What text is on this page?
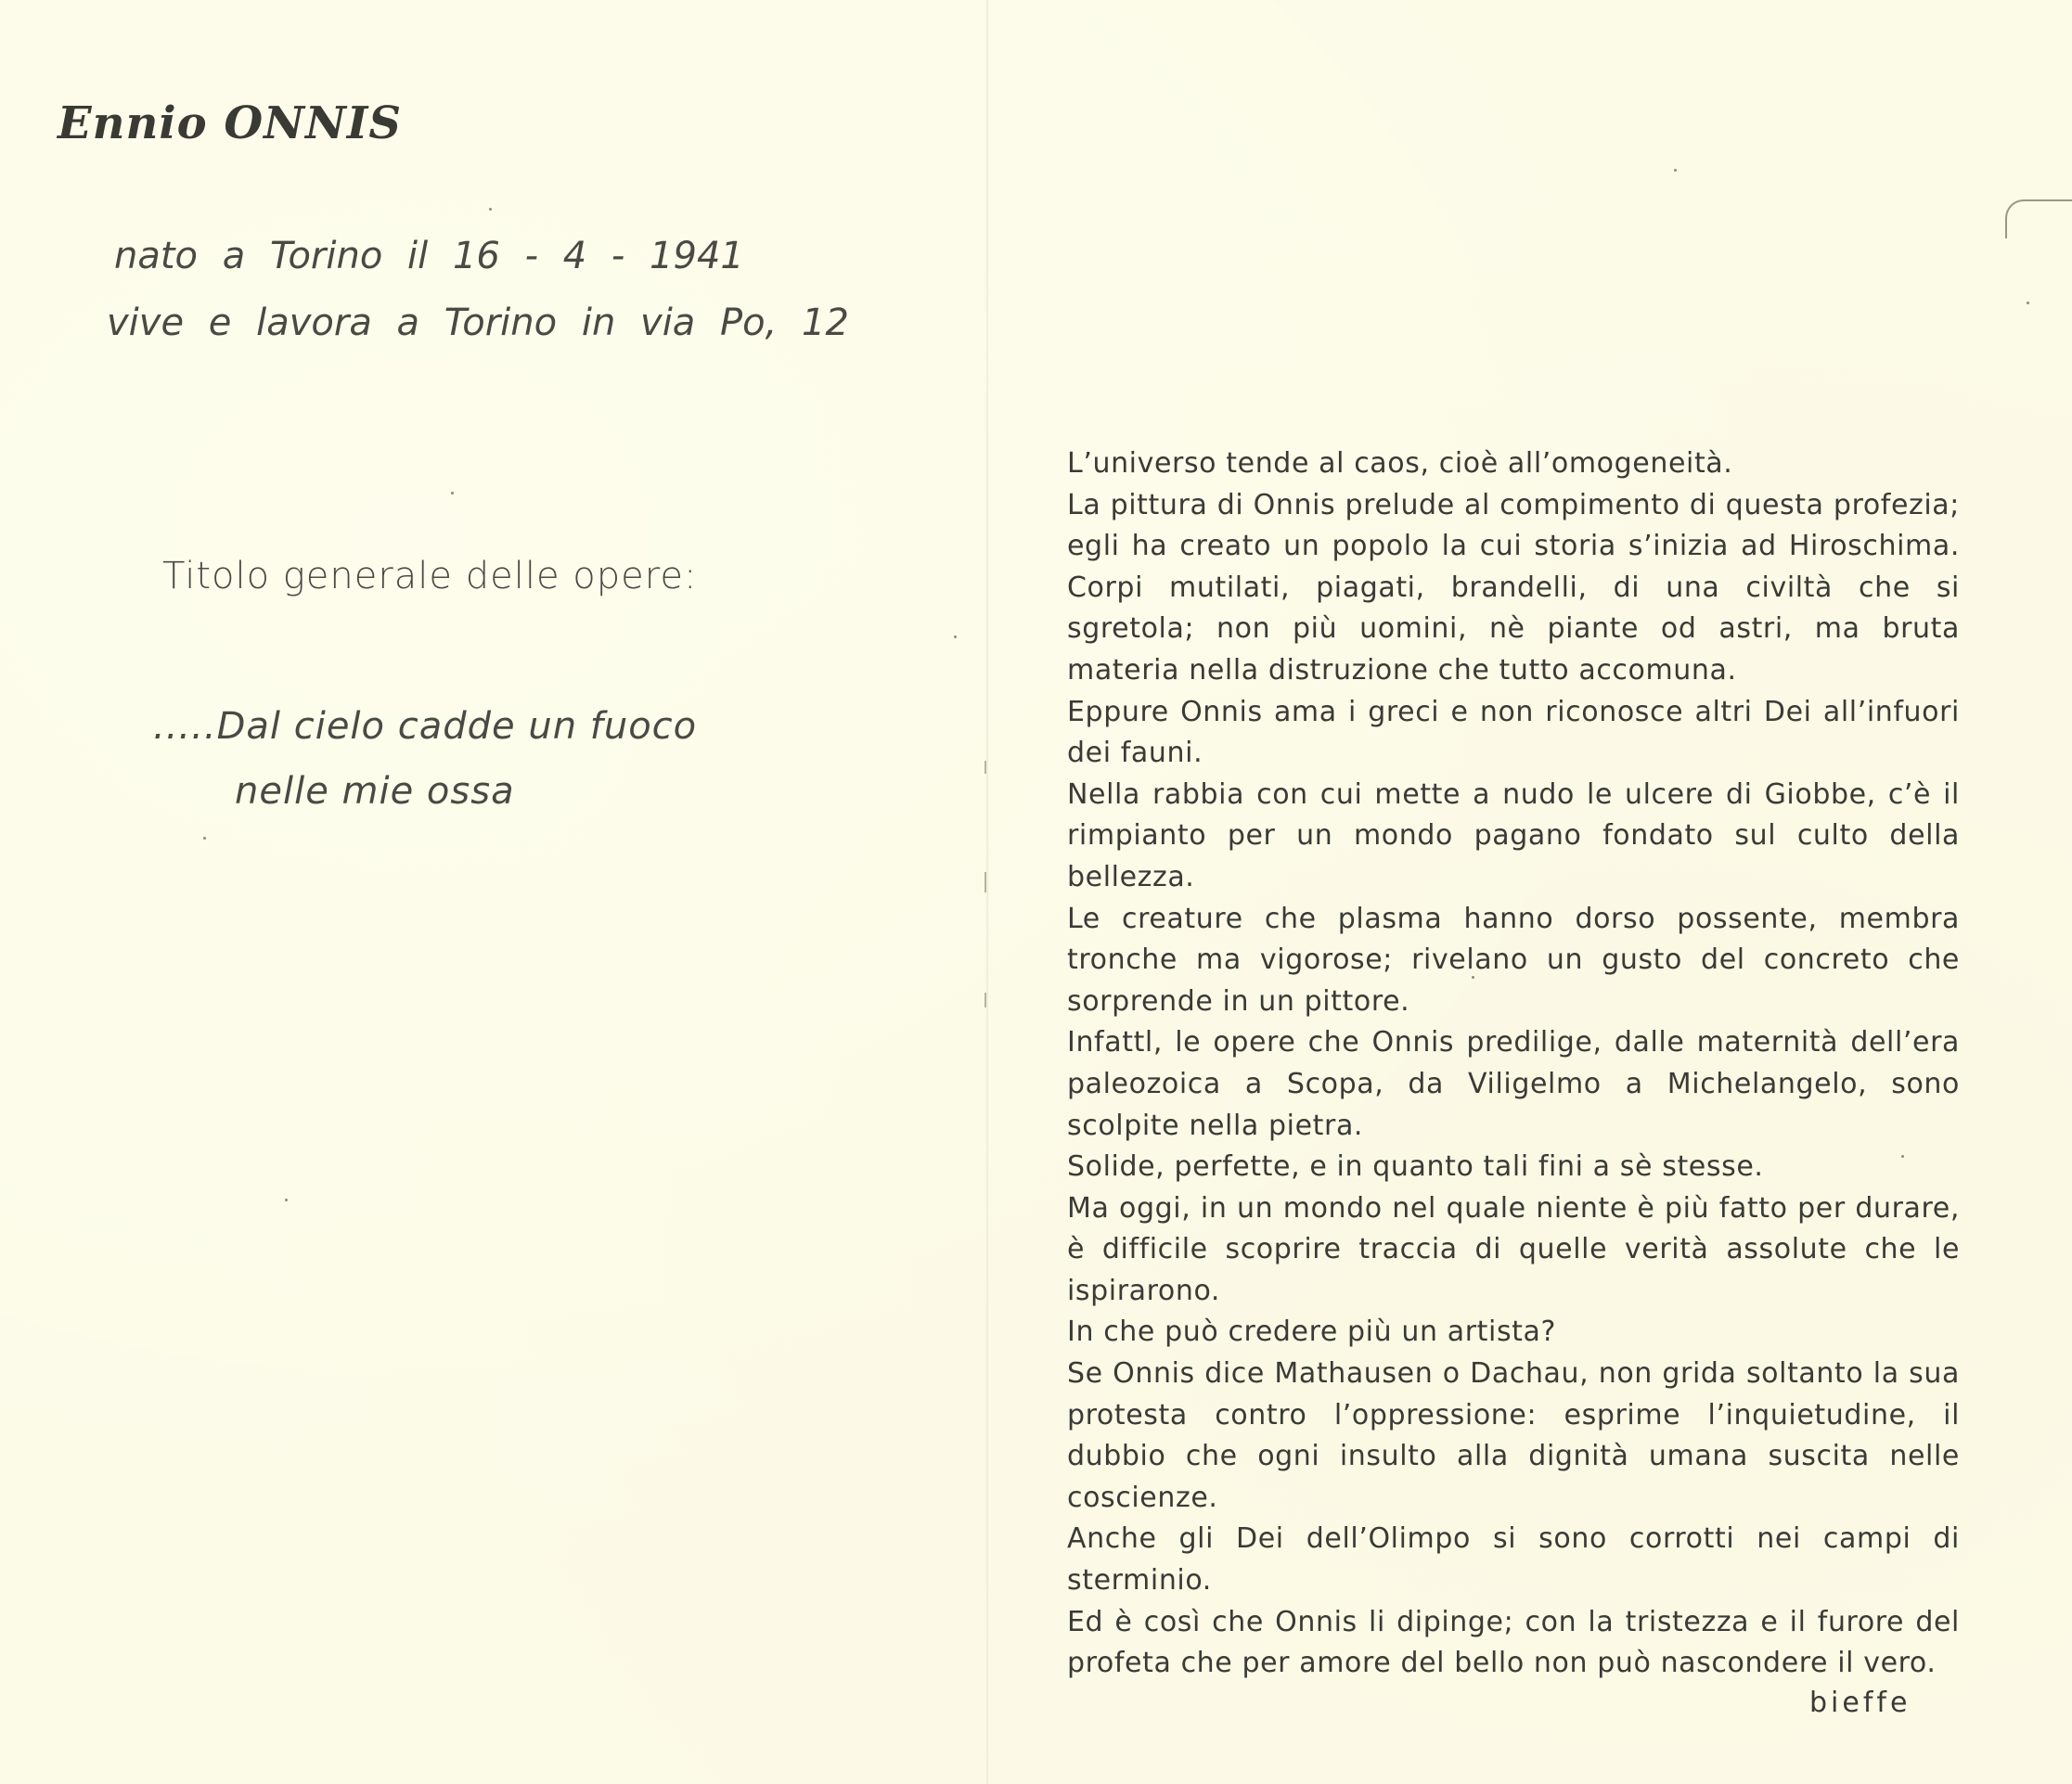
Ennio ONNIS
nato a Torino il 16 - 4 - 1941
vive e lavora a Torino in via Po, 12
Titolo generale delle opere:
.....Dal cielo cadde un fuoco
nelle mie ossa

L’universo tende al caos, cioè all’omogeneità.

La pittura di Onnis prelude al compimento di questa profezia; egli ha creato un popolo la cui storia s’inizia ad Hiroschima. Corpi mutilati, piagati, brandelli, di una civiltà che si sgretola; non più uomini, nè piante od astri, ma bruta materia nella distruzione che tutto accomuna.

Eppure Onnis ama i greci e non riconosce altri Dei all’infuori dei fauni.

Nella rabbia con cui mette a nudo le ulcere di Giobbe, c’è il rimpianto per un mondo pagano fondato sul culto della bellezza.

Le creature che plasma hanno dorso possente, membra tronche ma vigorose; rivelano un gusto del concreto che sorprende in un pittore.

Infattl, le opere che Onnis predilige, dalle maternità dell’era paleozoica a Scopa, da Viligelmo a Michelangelo, sono scolpite nella pietra.

Solide, perfette, e in quanto tali fini a sè stesse.

Ma oggi, in un mondo nel quale niente è più fatto per durare, è difficile scoprire traccia di quelle verità assolute che le ispirarono.

In che può credere più un artista?

Se Onnis dice Mathausen o Dachau, non grida soltanto la sua protesta contro l’oppressione: esprime l’inquietudine, il dubbio che ogni insulto alla dignità umana suscita nelle coscienze.

Anche gli Dei dell’Olimpo si sono corrotti nei campi di sterminio.

Ed è così che Onnis li dipinge; con la tristezza e il furore del profeta che per amore del bello non può nascondere il vero.

bieffe
